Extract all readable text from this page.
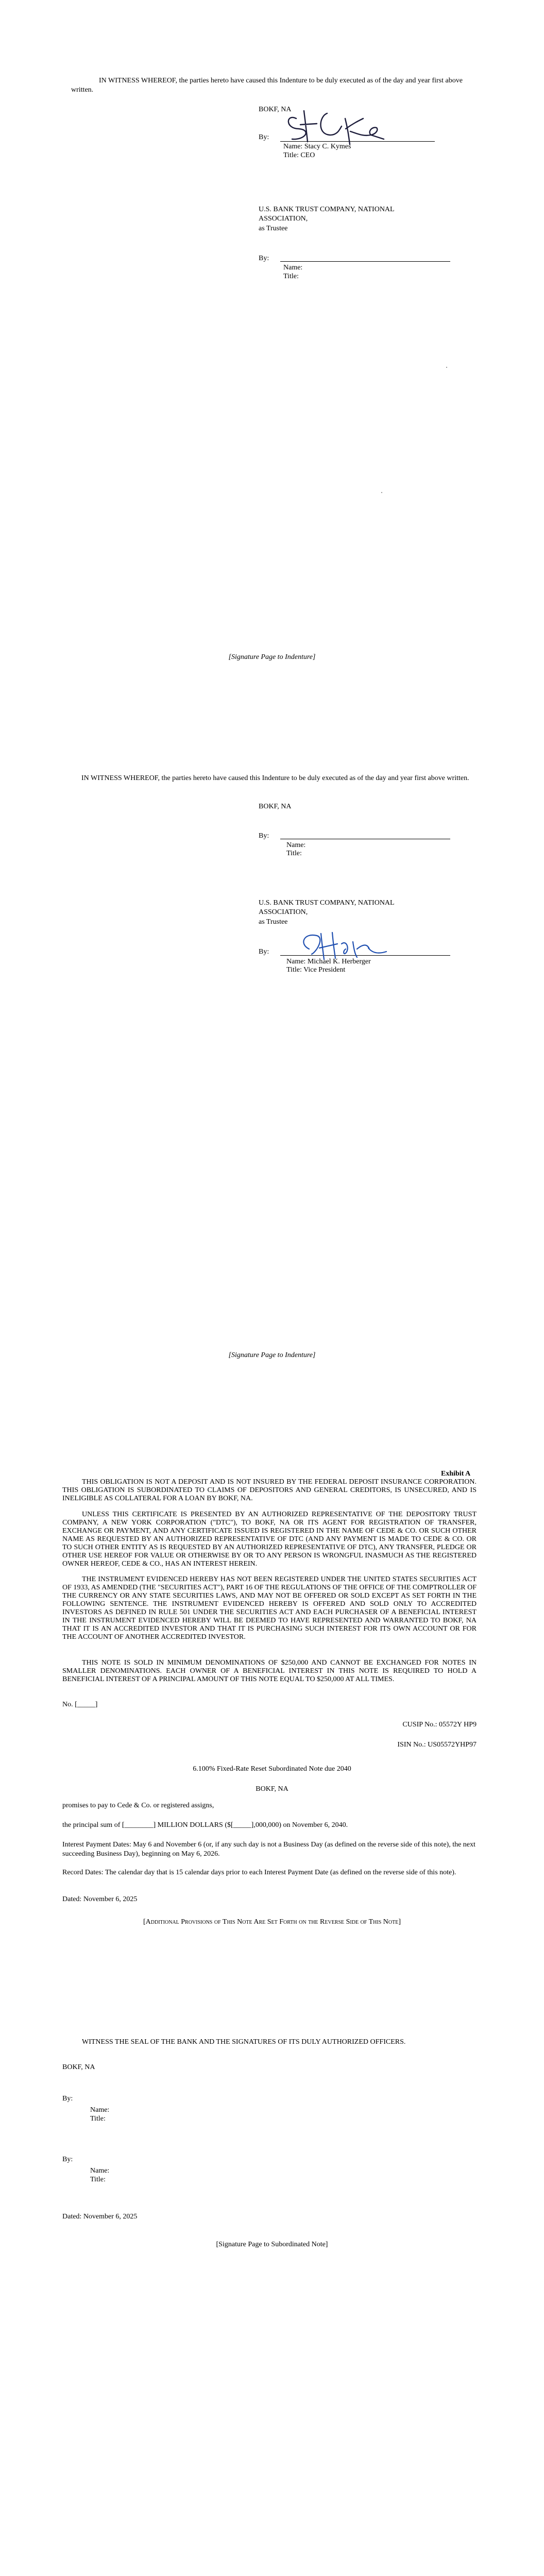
IN WITNESS WHEREOF, the parties hereto have caused this Indenture to be duly executed as of the day and year first above written.

BOKF, NA
By:
Name: Stacy C. Kymes
Title: CEO
U.S. BANK TRUST COMPANY, NATIONAL
ASSOCIATION,
as Trustee
By:
Name:
Title:
[Signature Page to Indenture]

IN WITNESS WHEREOF, the parties hereto have caused this Indenture to be duly executed as of the day and year first above written.

BOKF, NA
By:
Name:
Title:
U.S. BANK TRUST COMPANY, NATIONAL
ASSOCIATION,
as Trustee
By:
Name: Michael K. Herberger
Title: Vice President
[Signature Page to Indenture]
Exhibit A

THIS OBLIGATION IS NOT A DEPOSIT AND IS NOT INSURED BY THE FEDERAL DEPOSIT INSURANCE CORPORATION. THIS OBLIGATION IS SUBORDINATED TO CLAIMS OF DEPOSITORS AND GENERAL CREDITORS, IS UNSECURED, AND IS INELIGIBLE AS COLLATERAL FOR A LOAN BY BOKF, NA.

UNLESS THIS CERTIFICATE IS PRESENTED BY AN AUTHORIZED REPRESENTATIVE OF THE DEPOSITORY TRUST COMPANY, A NEW YORK CORPORATION ("DTC"), TO BOKF, NA OR ITS AGENT FOR REGISTRATION OF TRANSFER, EXCHANGE OR PAYMENT, AND ANY CERTIFICATE ISSUED IS REGISTERED IN THE NAME OF CEDE & CO. OR SUCH OTHER NAME AS REQUESTED BY AN AUTHORIZED REPRESENTATIVE OF DTC (AND ANY PAYMENT IS MADE TO CEDE & CO. OR TO SUCH OTHER ENTITY AS IS REQUESTED BY AN AUTHORIZED REPRESENTATIVE OF DTC), ANY TRANSFER, PLEDGE OR OTHER USE HEREOF FOR VALUE OR OTHERWISE BY OR TO ANY PERSON IS WRONGFUL INASMUCH AS THE REGISTERED OWNER HEREOF, CEDE & CO., HAS AN INTEREST HEREIN.

THE INSTRUMENT EVIDENCED HEREBY HAS NOT BEEN REGISTERED UNDER THE UNITED STATES SECURITIES ACT OF 1933, AS AMENDED (THE "SECURITIES ACT"), PART 16 OF THE REGULATIONS OF THE OFFICE OF THE COMPTROLLER OF THE CURRENCY OR ANY STATE SECURITIES LAWS, AND MAY NOT BE OFFERED OR SOLD EXCEPT AS SET FORTH IN THE FOLLOWING SENTENCE. THE INSTRUMENT EVIDENCED HEREBY IS OFFERED AND SOLD ONLY TO ACCREDITED INVESTORS AS DEFINED IN RULE 501 UNDER THE SECURITIES ACT AND EACH PURCHASER OF A BENEFICIAL INTEREST IN THE INSTRUMENT EVIDENCED HEREBY WILL BE DEEMED TO HAVE REPRESENTED AND WARRANTED TO BOKF, NA THAT IT IS AN ACCREDITED INVESTOR AND THAT IT IS PURCHASING SUCH INTEREST FOR ITS OWN ACCOUNT OR FOR THE ACCOUNT OF ANOTHER ACCREDITED INVESTOR.

THIS NOTE IS SOLD IN MINIMUM DENOMINATIONS OF $250,000 AND CANNOT BE EXCHANGED FOR NOTES IN SMALLER DENOMINATIONS. EACH OWNER OF A BENEFICIAL INTEREST IN THIS NOTE IS REQUIRED TO HOLD A BENEFICIAL INTEREST OF A PRINCIPAL AMOUNT OF THIS NOTE EQUAL TO $250,000 AT ALL TIMES.

No. [_____]
CUSIP No.: 05572Y HP9
ISIN No.: US05572YHP97
6.100% Fixed-Rate Reset Subordinated Note due 2040
BOKF, NA

promises to pay to Cede & Co. or registered assigns,

the principal sum of [________] MILLION DOLLARS ($[_____],000,000) on November 6, 2040.

Interest Payment Dates: May 6 and November 6 (or, if any such day is not a Business Day (as defined on the reverse side of this note), the next succeeding Business Day), beginning on May 6, 2026.

Record Dates: The calendar day that is 15 calendar days prior to each Interest Payment Date (as defined on the reverse side of this note).

Dated: November 6, 2025

[Additional Provisions of This Note Are Set Forth on the Reverse Side of This Note]

WITNESS THE SEAL OF THE BANK AND THE SIGNATURES OF ITS DULY AUTHORIZED OFFICERS.

BOKF, NA
By:
Name:
Title:
By:
Name:
Title:
Dated: November 6, 2025
[Signature Page to Subordinated Note]
